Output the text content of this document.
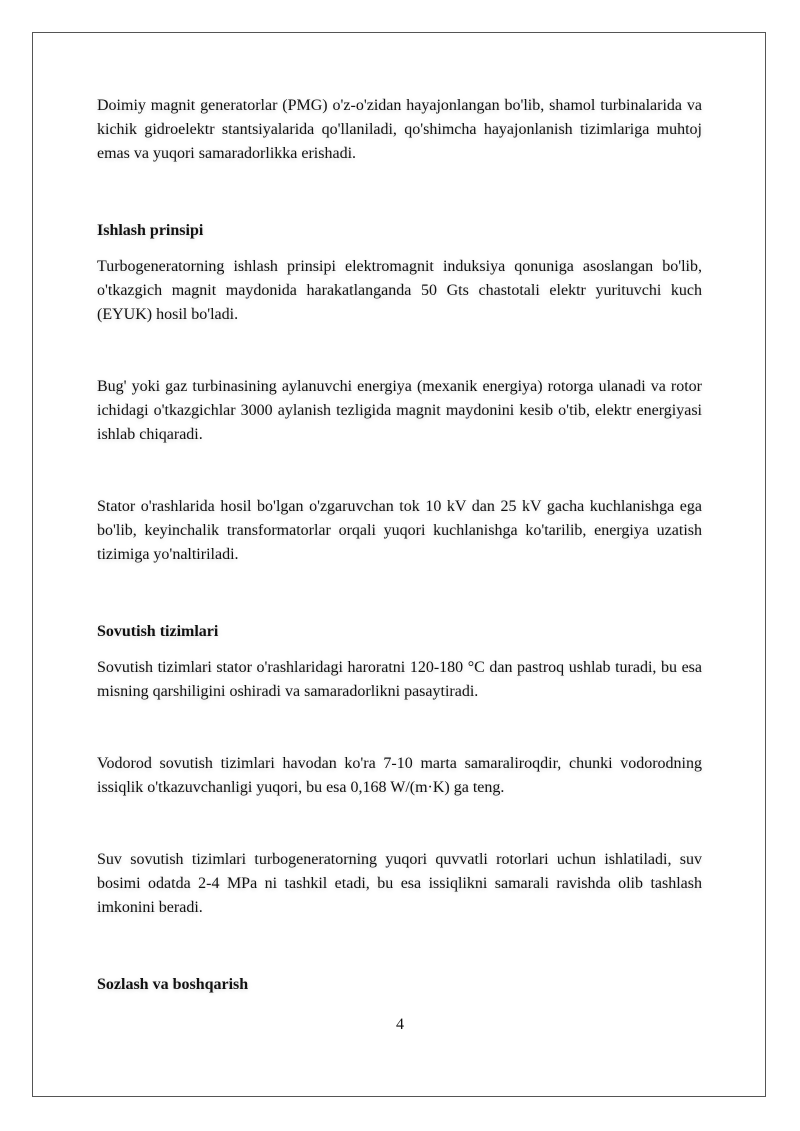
Doimiy magnit generatorlar (PMG) o'z-o'zidan hayajonlangan bo'lib, shamol turbinalarida va kichik gidroelektr stantsiyalarida qo'llaniladi, qo'shimcha hayajonlanish tizimlariga muhtoj emas va yuqori samaradorlikka erishadi.

Ishlash prinsipi

Turbogeneratorning ishlash prinsipi elektromagnit induksiya qonuniga asoslangan bo'lib, o'tkazgich magnit maydonida harakatlanganda 50 Gts chastotali elektr yurituvchi kuch (EYUK) hosil bo'ladi.

Bug' yoki gaz turbinasining aylanuvchi energiya (mexanik energiya) rotorga ulanadi va rotor ichidagi o'tkazgichlar 3000 aylanish tezligida magnit maydonini kesib o'tib, elektr energiyasi ishlab chiqaradi.

Stator o'rashlarida hosil bo'lgan o'zgaruvchan tok 10 kV dan 25 kV gacha kuchlanishga ega bo'lib, keyinchalik transformatorlar orqali yuqori kuchlanishga ko'tarilib, energiya uzatish tizimiga yo'naltiriladi.

Sovutish tizimlari

Sovutish tizimlari stator o'rashlaridagi haroratni 120-180 °C dan pastroq ushlab turadi, bu esa misning qarshiligini oshiradi va samaradorlikni pasaytiradi.

Vodorod sovutish tizimlari havodan ko'ra 7-10 marta samaraliroqdir, chunki vodorodning issiqlik o'tkazuvchanligi yuqori, bu esa 0,168 W/(m·K) ga teng.

Suv sovutish tizimlari turbogeneratorning yuqori quvvatli rotorlari uchun ishlatiladi, suv bosimi odatda 2-4 MPa ni tashkil etadi, bu esa issiqlikni samarali ravishda olib tashlash imkonini beradi.

Sozlash va boshqarish

4
